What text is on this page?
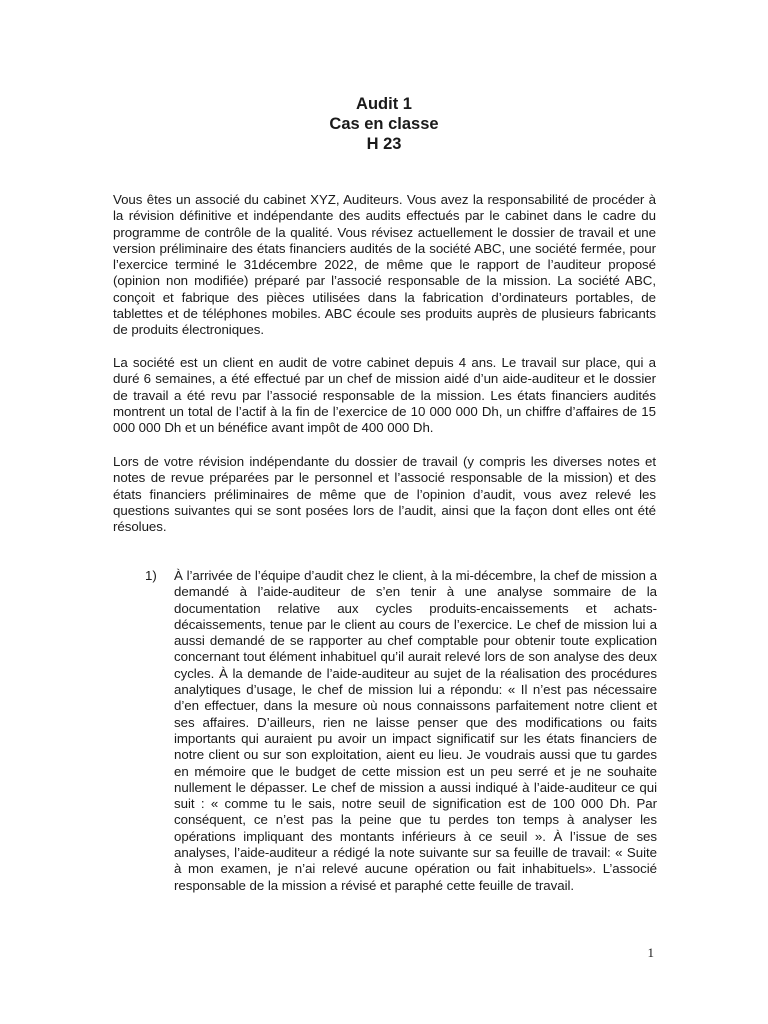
Audit 1
Cas en classe
H 23

Vous êtes un associé du cabinet XYZ, Auditeurs. Vous avez la responsabilité de procéder à la révision définitive et indépendante des audits effectués par le cabinet dans le cadre du programme de contrôle de la qualité. Vous révisez actuellement le dossier de travail et une version préliminaire des états financiers audités de la société ABC, une société fermée, pour l’exercice terminé le 31décembre 2022, de même que le rapport de l’auditeur proposé (opinion non modifiée) préparé par l’associé responsable de la mission. La société ABC, conçoit et fabrique des pièces utilisées dans la fabrication d’ordinateurs portables, de tablettes et de téléphones mobiles. ABC écoule ses produits auprès de plusieurs fabricants de produits électroniques.

La société est un client en audit de votre cabinet depuis 4 ans. Le travail sur place, qui a duré 6 semaines, a été effectué par un chef de mission aidé d’un aide-auditeur et le dossier de travail a été revu par l’associé responsable de la mission. Les états financiers audités montrent un total de l’actif à la fin de l’exercice de 10 000 000 Dh, un chiffre d’affaires de 15 000 000 Dh et un bénéfice avant impôt de 400 000 Dh.

Lors de votre révision indépendante du dossier de travail (y compris les diverses notes et notes de revue préparées par le personnel et l’associé responsable de la mission) et des états financiers préliminaires de même que de l’opinion d’audit, vous avez relevé les questions suivantes qui se sont posées lors de l’audit, ainsi que la façon dont elles ont été résolues.

1) À l’arrivée de l’équipe d’audit chez le client, à la mi-décembre, la chef de mission a demandé à l’aide-auditeur de s’en tenir à une analyse sommaire de la documentation relative aux cycles produits-encaissements et achats-décaissements, tenue par le client au cours de l’exercice. Le chef de mission lui a aussi demandé de se rapporter au chef comptable pour obtenir toute explication concernant tout élément inhabituel qu’il aurait relevé lors de son analyse des deux cycles. À la demande de l’aide-auditeur au sujet de la réalisation des procédures analytiques d’usage, le chef de mission lui a répondu: « Il n’est pas nécessaire d’en effectuer, dans la mesure où nous connaissons parfaitement notre client et ses affaires. D’ailleurs, rien ne laisse penser que des modifications ou faits importants qui auraient pu avoir un impact significatif sur les états financiers de notre client ou sur son exploitation, aient eu lieu. Je voudrais aussi que tu gardes en mémoire que le budget de cette mission est un peu serré et je ne souhaite nullement le dépasser. Le chef de mission a aussi indiqué à l’aide-auditeur ce qui suit : « comme tu le sais, notre seuil de signification est de 100 000 Dh. Par conséquent, ce n’est pas la peine que tu perdes ton temps à analyser les opérations impliquant des montants inférieurs à ce seuil ». À l’issue de ses analyses, l’aide-auditeur a rédigé la note suivante sur sa feuille de travail: « Suite à mon examen, je n’ai relevé aucune opération ou fait inhabituels». L’associé responsable de la mission a révisé et paraphé cette feuille de travail.

1
